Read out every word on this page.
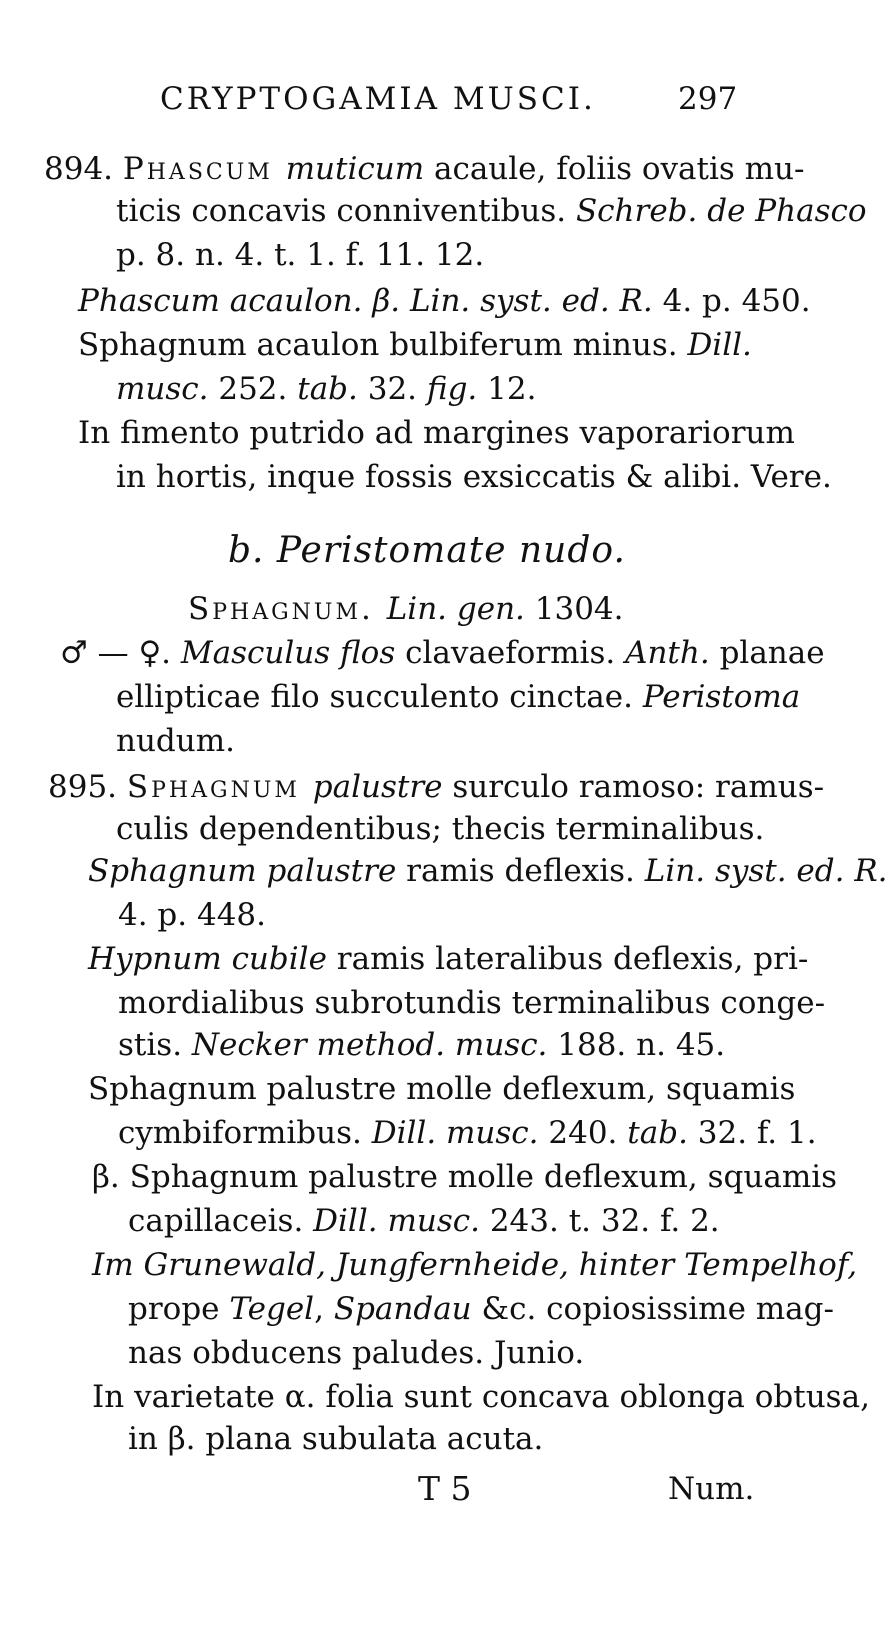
CRYPTOGAMIA MUSCI.	297
894. Phascum muticum acaule, foliis ovatis mu-
ticis concavis conniventibus. Schreb. de Phascο
p. 8. n. 4. t. 1. f. 11. 12.
Phascum acaulon. β. Lin. syst. ed. R. 4. p. 450.
Sphagnum acaulon bulbiferum minus. Dill.
musc. 252. tab. 32. fig. 12.
In fimento putrido ad margines vaporariorum
in hortis, inque fossis exsiccatis & alibi. Vere.
b. Peristomate nudo.
Sphagnum. Lin. gen. 1304.
♂ — ♀. Masculus flos clavaeformis. Anth. planae
ellipticae filo succulento cinctae. Peristoma
nudum.
895. Sphagnum palustre surculo ramoso: ramus-
culis dependentibus; thecis terminalibus.
Sphagnum palustre ramis deflexis. Lin. syst. ed. R.
4. p. 448.
Hypnum cubile ramis lateralibus deflexis, pri-
mordialibus subrotundis terminalibus conge-
stis. Necker method. musc. 188. n. 45.
Sphagnum palustre molle deflexum, squamis
cymbiformibus. Dill. musc. 240. tab. 32. f. 1.
β. Sphagnum palustre molle deflexum, squamis
capillaceis. Dill. musc. 243. t. 32. f. 2.
Im Grunewald, Jungfernheide, hinter Tempelhof,
prope Tegel, Spandau &c. copiosissime mag-
nas obducens paludes. Junio.
In varietate α. folia sunt concava oblonga obtusa,
in β. plana subulata acuta.
T 5	Num.
